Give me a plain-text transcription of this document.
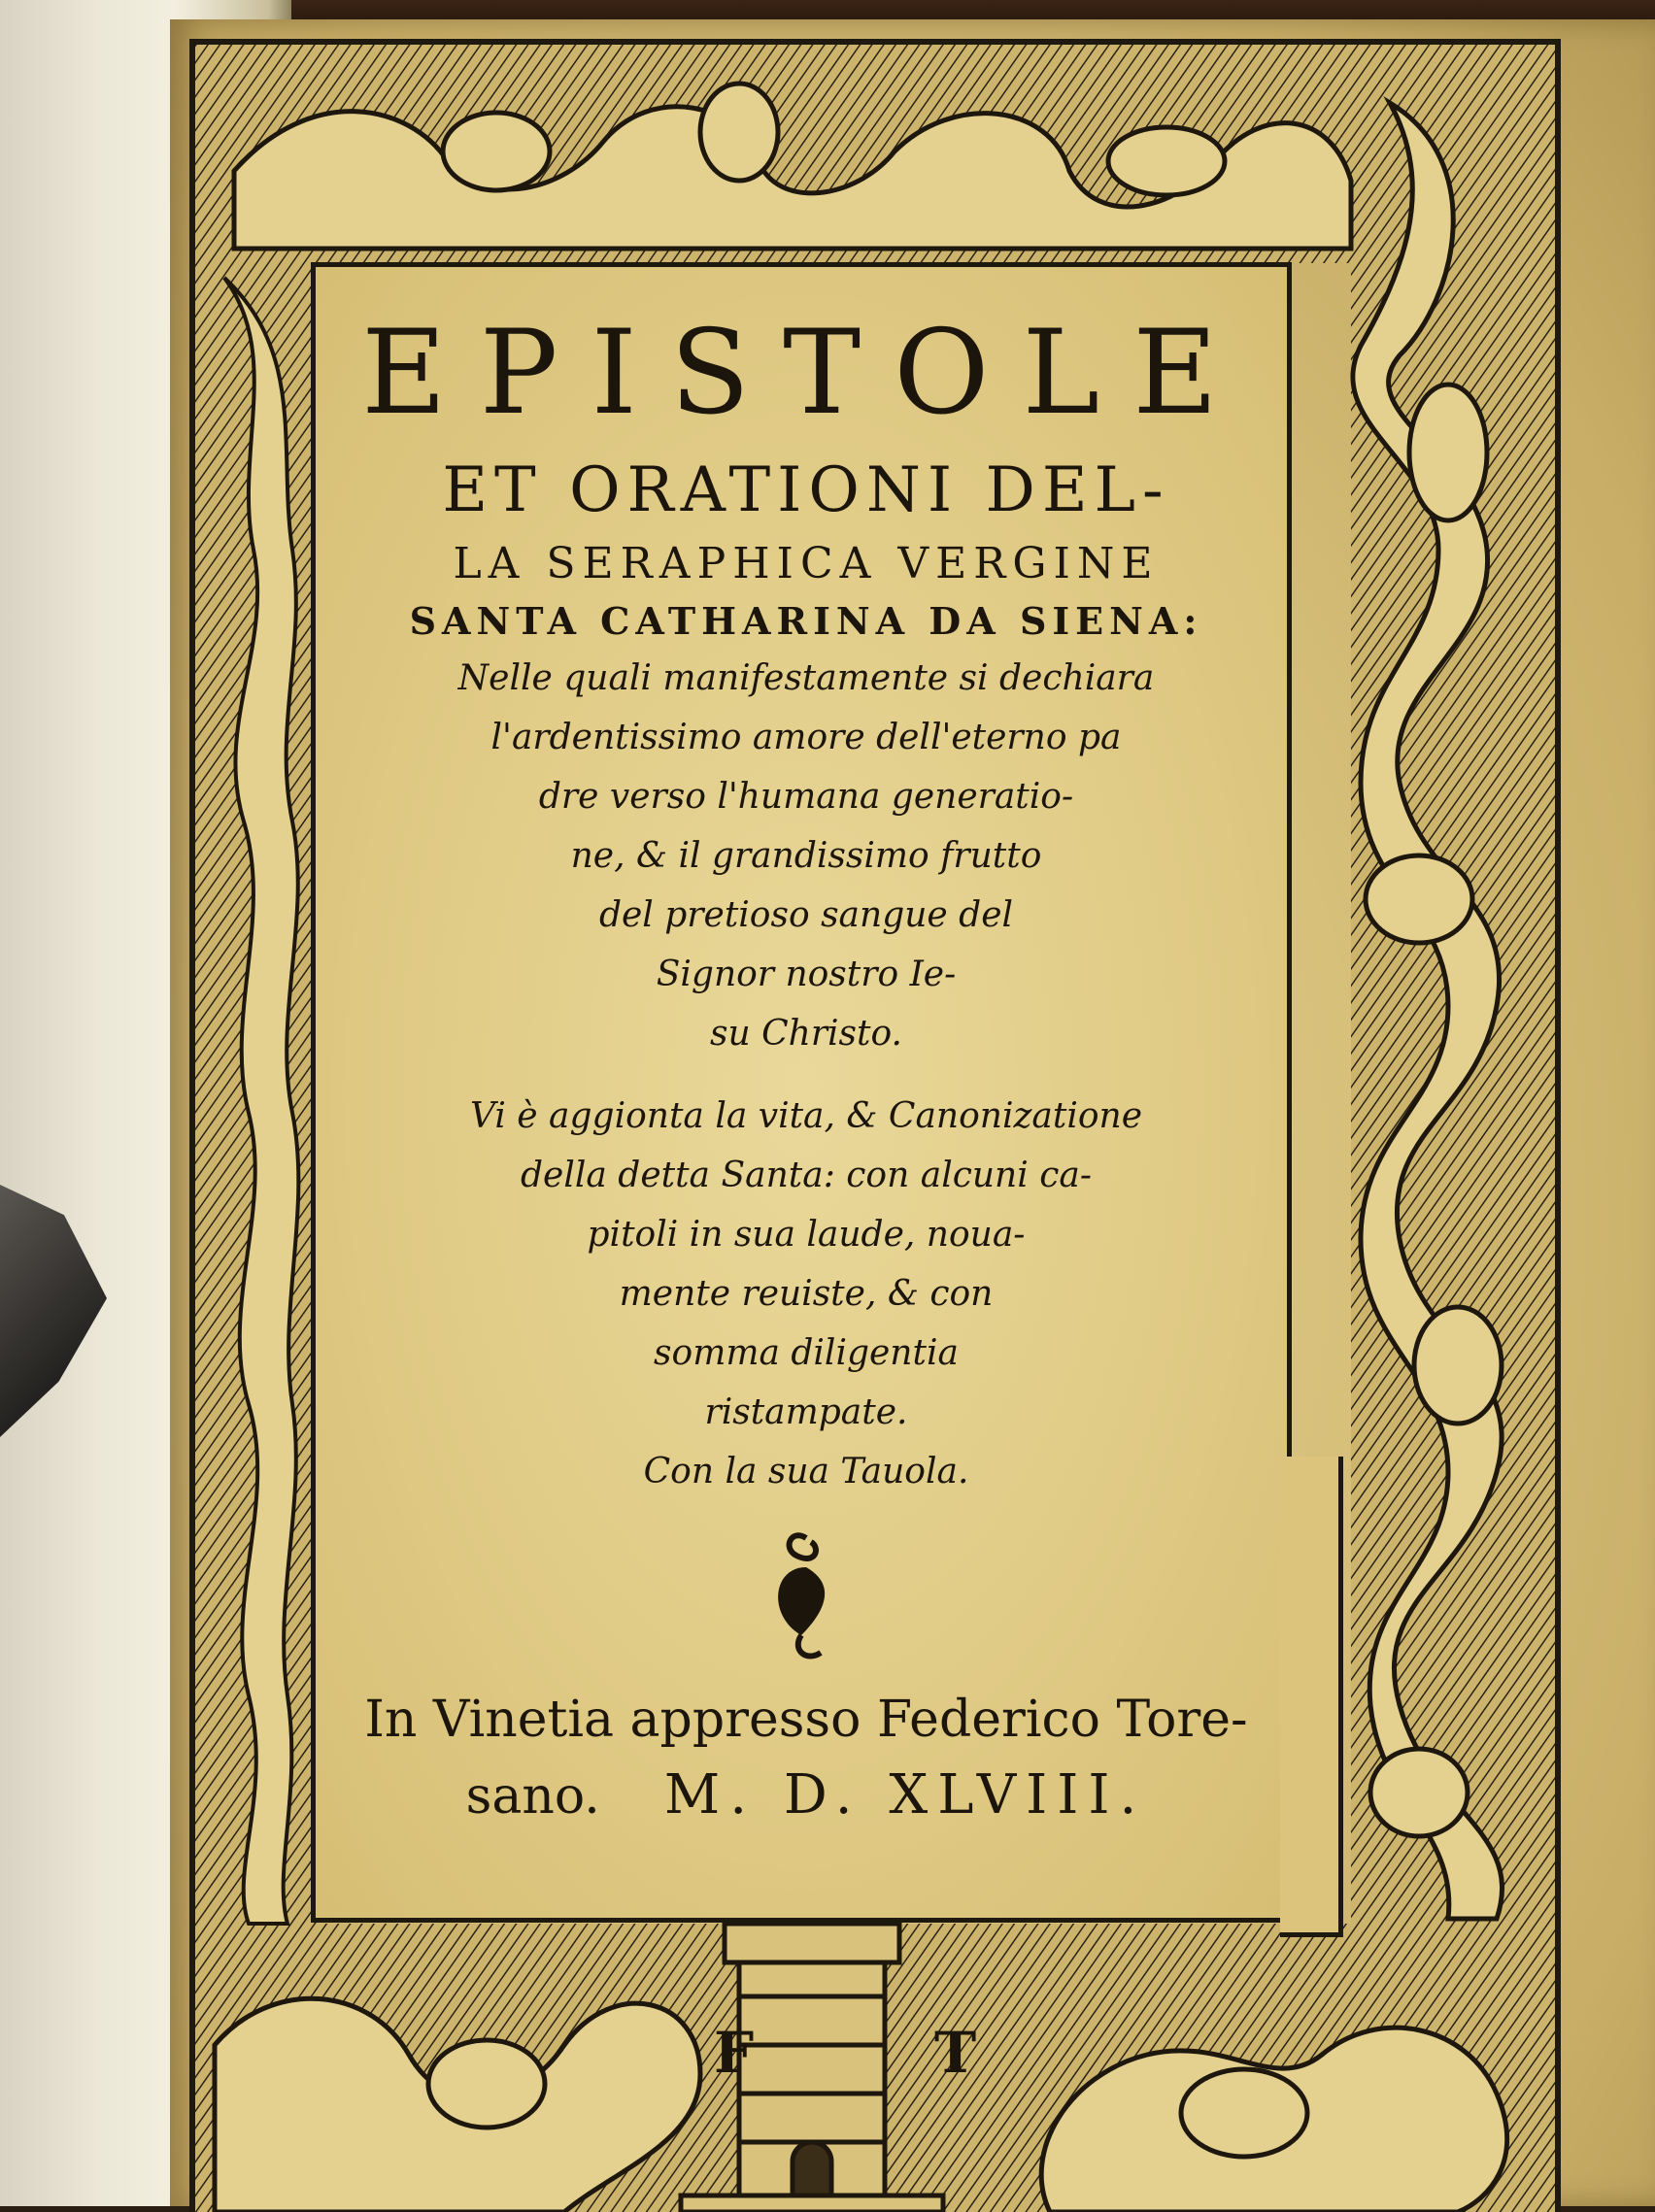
F	T
EPISTOLE

ET ORATIONI DEL-

LA SERAPHICA VERGINE

SANTA CATHARINA DA SIENA:

Nelle quali manifestamente si dechiara

l'ardentissimo amore dell'eterno pa

dre verso l'humana generatio-

ne, & il grandissimo frutto

del pretioso sangue del

Signor nostro Ie-

su Christo.

Vi è aggionta la vita, & Canonizatione

della detta Santa: con alcuni ca-

pitoli in sua laude, noua-

mente reuiste, & con

somma diligentia

ristampate.

Con la sua Tauola.

In Vinetia appresso Federico Tore-

sano. M. D. XLVIII.
